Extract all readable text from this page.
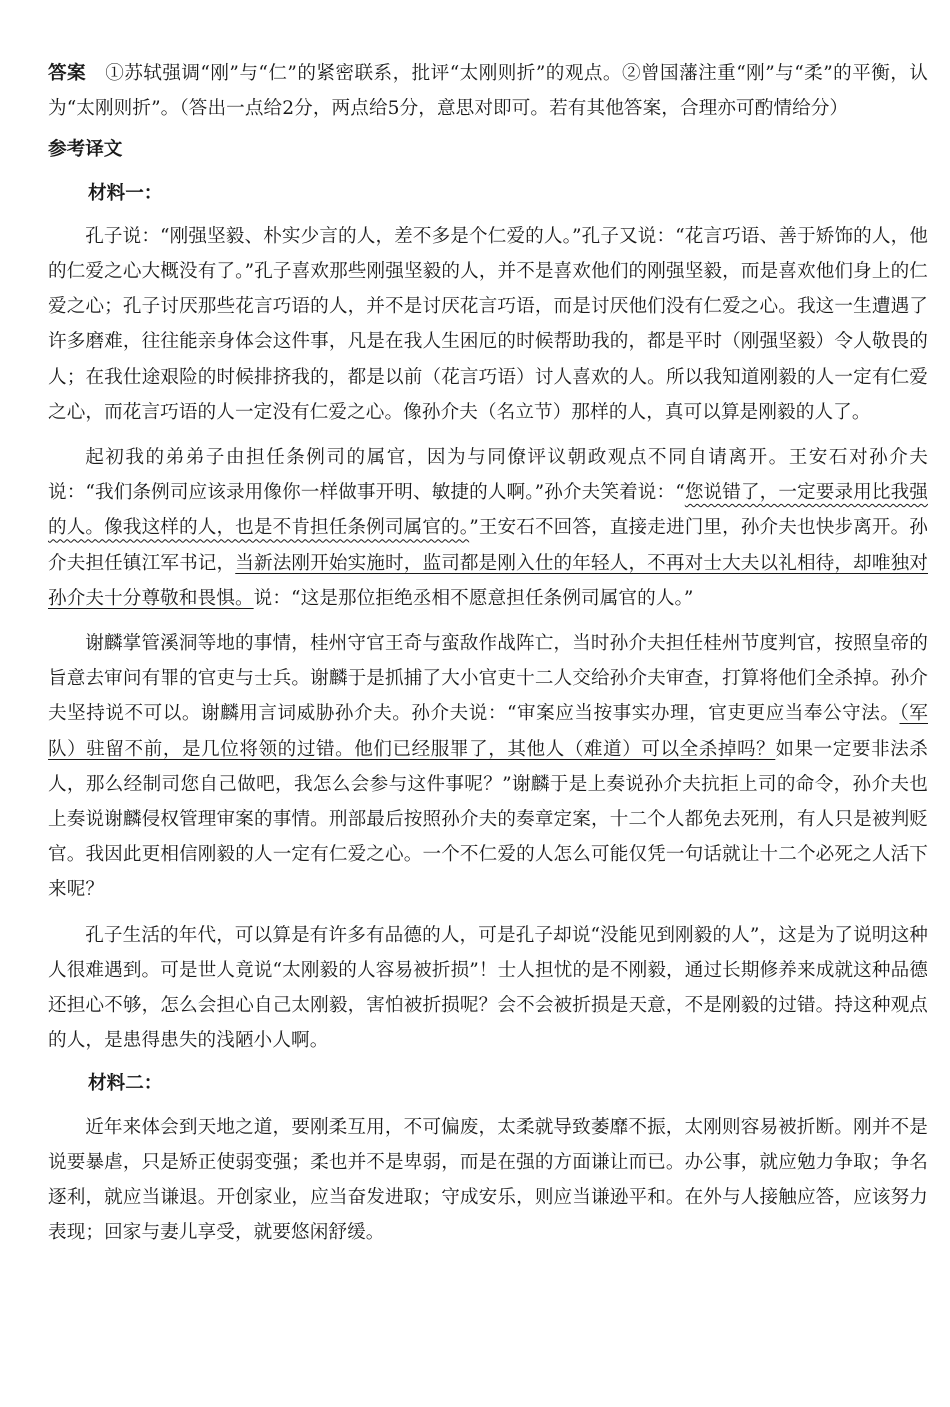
答案 ①苏轼强调“刚”与“仁”的紧密联系，批评“太刚则折”的观点。②曾国藩注重“刚”与“柔”的平衡，认为“太刚则折”。（答出一点给2分，两点给5分，意思对即可。若有其他答案，合理亦可酌情给分）

参考译文
材料一：

孔子说：“刚强坚毅、朴实少言的人，差不多是个仁爱的人。”孔子又说：“花言巧语、善于矫饰的人，他的仁爱之心大概没有了。”孔子喜欢那些刚强坚毅的人，并不是喜欢他们的刚强坚毅，而是喜欢他们身上的仁爱之心；孔子讨厌那些花言巧语的人，并不是讨厌花言巧语，而是讨厌他们没有仁爱之心。我这一生遭遇了许多磨难，往往能亲身体会这件事，凡是在我人生困厄的时候帮助我的，都是平时（刚强坚毅）令人敬畏的人；在我仕途艰险的时候排挤我的，都是以前（花言巧语）讨人喜欢的人。所以我知道刚毅的人一定有仁爱之心，而花言巧语的人一定没有仁爱之心。像孙介夫（名立节）那样的人，真可以算是刚毅的人了。

起初我的弟弟子由担任条例司的属官，因为与同僚评议朝政观点不同自请离开。王安石对孙介夫说：“我们条例司应该录用像你一样做事开明、敏捷的人啊。”孙介夫笑着说：“您说错了，一定要录用比我强的人。像我这样的人，也是不肯担任条例司属官的。”王安石不回答，直接走进门里，孙介夫也快步离开。孙介夫担任镇江军书记，当新法刚开始实施时，监司都是刚入仕的年轻人，不再对士大夫以礼相待，却唯独对孙介夫十分尊敬和畏惧。说：“这是那位拒绝丞相不愿意担任条例司属官的人。”

谢麟掌管溪洞等地的事情，桂州守官王奇与蛮敌作战阵亡，当时孙介夫担任桂州节度判官，按照皇帝的旨意去审问有罪的官吏与士兵。谢麟于是抓捕了大小官吏十二人交给孙介夫审查，打算将他们全杀掉。孙介夫坚持说不可以。谢麟用言词威胁孙介夫。孙介夫说：“审案应当按事实办理，官吏更应当奉公守法。（军队）驻留不前，是几位将领的过错。他们已经服罪了，其他人（难道）可以全杀掉吗？如果一定要非法杀人，那么经制司您自己做吧，我怎么会参与这件事呢？”谢麟于是上奏说孙介夫抗拒上司的命令，孙介夫也上奏说谢麟侵权管理审案的事情。刑部最后按照孙介夫的奏章定案，十二个人都免去死刑，有人只是被判贬官。我因此更相信刚毅的人一定有仁爱之心。一个不仁爱的人怎么可能仅凭一句话就让十二个必死之人活下来呢？

孔子生活的年代，可以算是有许多有品德的人，可是孔子却说“没能见到刚毅的人”，这是为了说明这种人很难遇到。可是世人竟说“太刚毅的人容易被折损”！士人担忧的是不刚毅，通过长期修养来成就这种品德还担心不够，怎么会担心自己太刚毅，害怕被折损呢？会不会被折损是天意，不是刚毅的过错。持这种观点的人，是患得患失的浅陋小人啊。

材料二：

近年来体会到天地之道，要刚柔互用，不可偏废，太柔就导致萎靡不振，太刚则容易被折断。刚并不是说要暴虐，只是矫正使弱变强；柔也并不是卑弱，而是在强的方面谦让而已。办公事，就应勉力争取；争名逐利，就应当谦退。开创家业，应当奋发进取；守成安乐，则应当谦逊平和。在外与人接触应答，应该努力表现；回家与妻儿享受，就要悠闲舒缓。
